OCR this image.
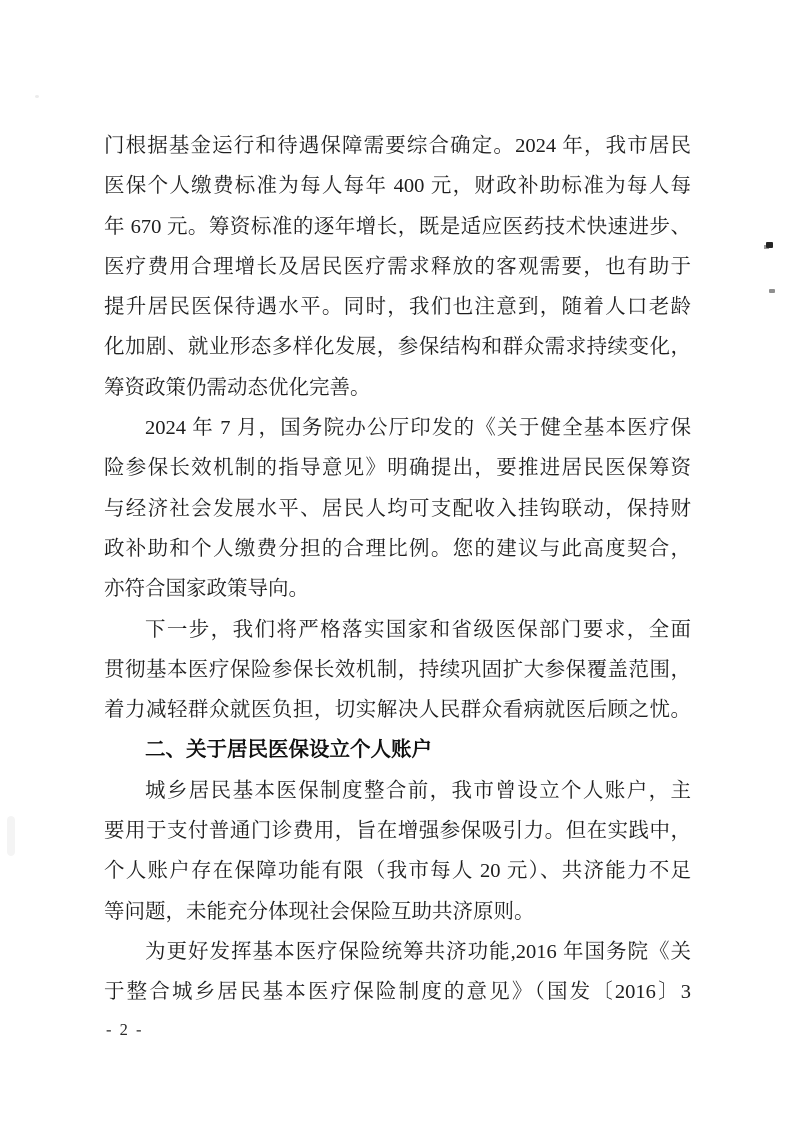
门根据基金运行和待遇保障需要综合确定。2024 年，我市居民
医保个人缴费标准为每人每年 400 元，财政补助标准为每人每
年 670 元。筹资标准的逐年增长，既是适应医药技术快速进步、
医疗费用合理增长及居民医疗需求释放的客观需要，也有助于
提升居民医保待遇水平。同时，我们也注意到，随着人口老龄
化加剧、就业形态多样化发展，参保结构和群众需求持续变化，
筹资政策仍需动态优化完善。
2024 年 7 月，国务院办公厅印发的《关于健全基本医疗保
险参保长效机制的指导意见》明确提出，要推进居民医保筹资
与经济社会发展水平、居民人均可支配收入挂钩联动，保持财
政补助和个人缴费分担的合理比例。您的建议与此高度契合，
亦符合国家政策导向。
下一步，我们将严格落实国家和省级医保部门要求，全面
贯彻基本医疗保险参保长效机制，持续巩固扩大参保覆盖范围，
着力减轻群众就医负担，切实解决人民群众看病就医后顾之忧。
二、关于居民医保设立个人账户
城乡居民基本医保制度整合前，我市曾设立个人账户，主
要用于支付普通门诊费用，旨在增强参保吸引力。但在实践中，
个人账户存在保障功能有限（我市每人 20 元）、共济能力不足
等问题，未能充分体现社会保险互助共济原则。
为更好发挥基本医疗保险统筹共济功能,2016 年国务院《关
于整合城乡居民基本医疗保险制度的意见》（国发〔2016〕3
- 2 -
